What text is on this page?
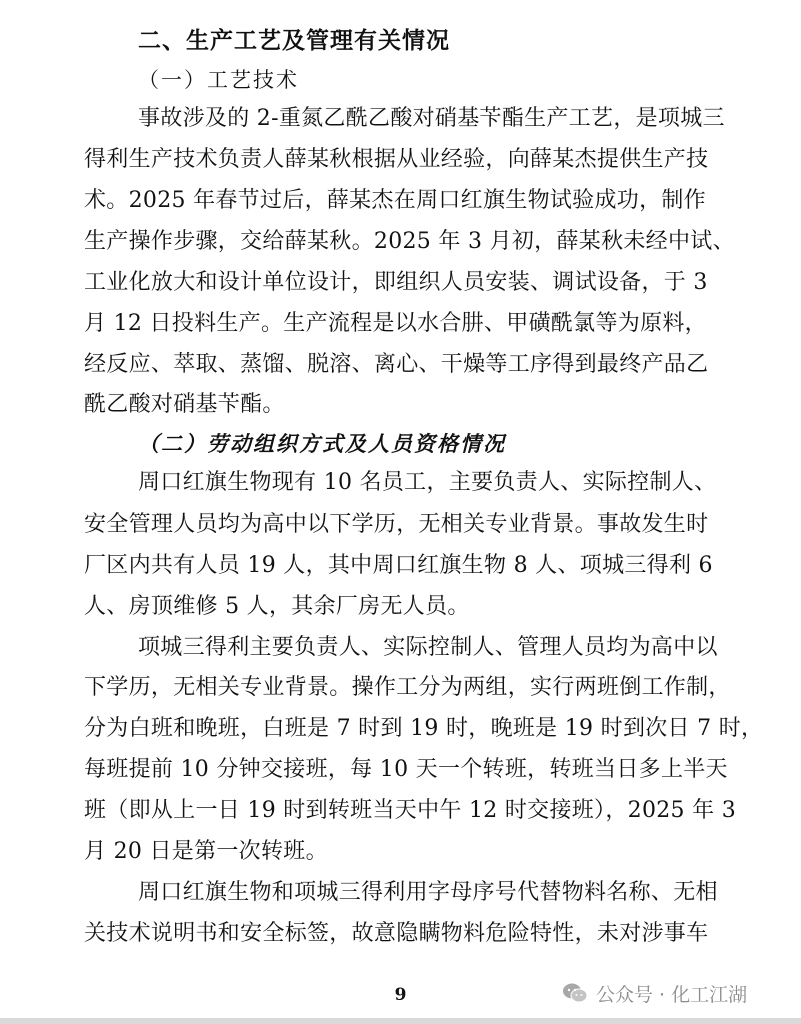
二、生产工艺及管理有关情况
（一）工艺技术
事故涉及的 2-重氮乙酰乙酸对硝基苄酯生产工艺，是项城三
得利生产技术负责人薛某秋根据从业经验，向薛某杰提供生产技
术。2025 年春节过后，薛某杰在周口红旗生物试验成功，制作
生产操作步骤，交给薛某秋。2025 年 3 月初，薛某秋未经中试、
工业化放大和设计单位设计，即组织人员安装、调试设备，于 3
月 12 日投料生产。生产流程是以水合肼、甲磺酰氯等为原料，
经反应、萃取、蒸馏、脱溶、离心、干燥等工序得到最终产品乙
酰乙酸对硝基苄酯。
（二）劳动组织方式及人员资格情况
周口红旗生物现有 10 名员工，主要负责人、实际控制人、
安全管理人员均为高中以下学历，无相关专业背景。事故发生时
厂区内共有人员 19 人，其中周口红旗生物 8 人、项城三得利 6
人、房顶维修 5 人，其余厂房无人员。
项城三得利主要负责人、实际控制人、管理人员均为高中以
下学历，无相关专业背景。操作工分为两组，实行两班倒工作制，
分为白班和晚班，白班是 7 时到 19 时，晚班是 19 时到次日 7 时，
每班提前 10 分钟交接班，每 10 天一个转班，转班当日多上半天
班（即从上一日 19 时到转班当天中午 12 时交接班），2025 年 3
月 20 日是第一次转班。
周口红旗生物和项城三得利用字母序号代替物料名称、无相
关技术说明书和安全标签，故意隐瞒物料危险特性，未对涉事车
9	公众号 · 化工江湖
